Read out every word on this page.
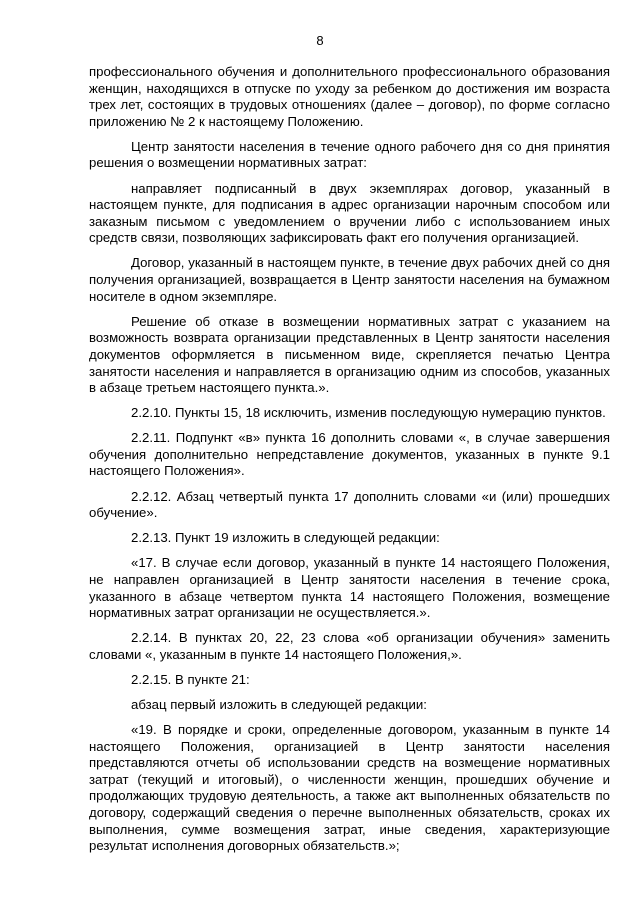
8

профессионального обучения и дополнительного профессионального образования женщин, находящихся в отпуске по уходу за ребенком до достижения им возраста трех лет, состоящих в трудовых отношениях (далее – договор), по форме согласно приложению № 2 к настоящему Положению.

Центр занятости населения в течение одного рабочего дня со дня принятия решения о возмещении нормативных затрат:

направляет подписанный в двух экземплярах договор, указанный в настоящем пункте, для подписания в адрес организации нарочным способом или заказным письмом с уведомлением о вручении либо с использованием иных средств связи, позволяющих зафиксировать факт его получения организацией.

Договор, указанный в настоящем пункте, в течение двух рабочих дней со дня получения организацией, возвращается в Центр занятости населения на бумажном носителе в одном экземпляре.

Решение об отказе в возмещении нормативных затрат с указанием на возможность возврата организации представленных в Центр занятости населения документов оформляется в письменном виде, скрепляется печатью Центра занятости населения и направляется в организацию одним из способов, указанных в абзаце третьем настоящего пункта.».

2.2.10. Пункты 15, 18 исключить, изменив последующую нумерацию пунктов.

2.2.11. Подпункт «в» пункта 16 дополнить словами «, в случае завершения обучения дополнительно непредставление документов, указанных в пункте 9.1 настоящего Положения».

2.2.12. Абзац четвертый пункта 17 дополнить словами «и (или) прошедших обучение».

2.2.13. Пункт 19 изложить в следующей редакции:

«17. В случае если договор, указанный в пункте 14 настоящего Положения, не направлен организацией в Центр занятости населения в течение срока, указанного в абзаце четвертом пункта 14 настоящего Положения, возмещение нормативных затрат организации не осуществляется.».

2.2.14. В пунктах 20, 22, 23 слова «об организации обучения» заменить словами «, указанным в пункте 14 настоящего Положения,».

2.2.15. В пункте 21:

абзац первый изложить в следующей редакции:

«19. В порядке и сроки, определенные договором, указанным в пункте 14 настоящего Положения, организацией в Центр занятости населения представляются отчеты об использовании средств на возмещение нормативных затрат (текущий и итоговый), о численности женщин, прошедших обучение и продолжающих трудовую деятельность, а также акт выполненных обязательств по договору, содержащий сведения о перечне выполненных обязательств, сроках их выполнения, сумме возмещения затрат, иные сведения, характеризующие результат исполнения договорных обязательств.»;
